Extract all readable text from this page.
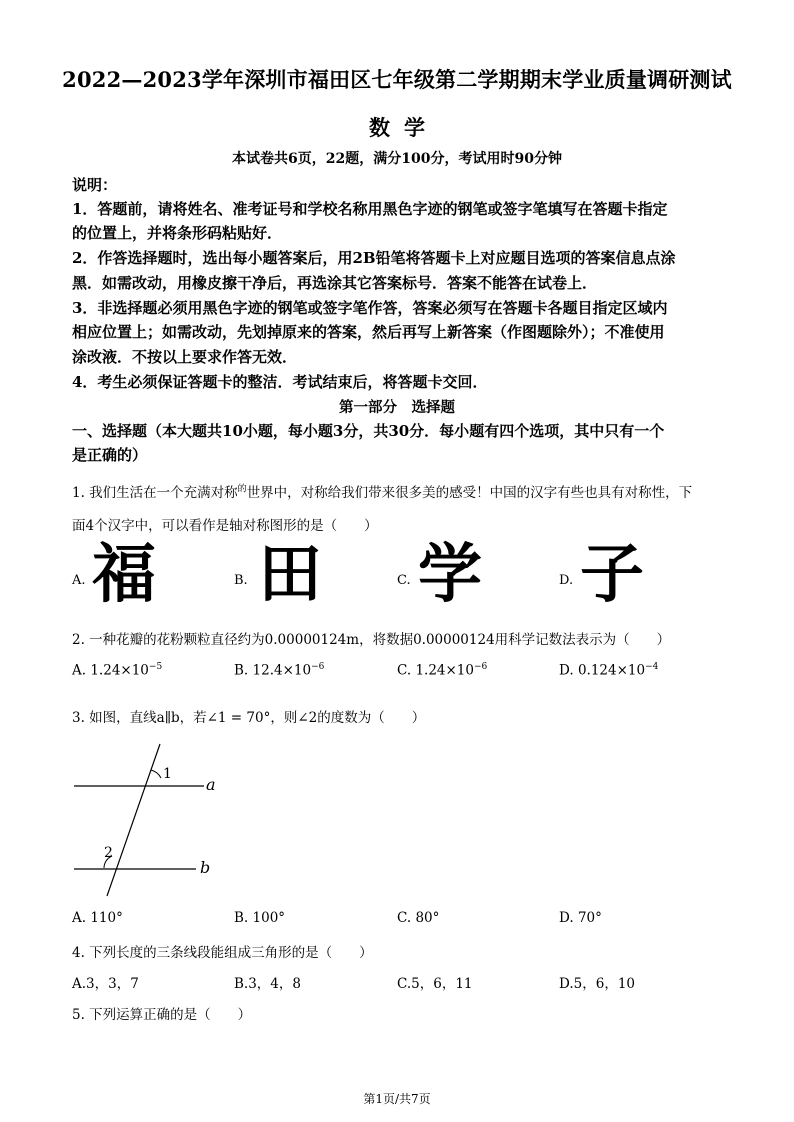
2022—2023学年深圳市福田区七年级第二学期期末学业质量调研测试
数学
本试卷共6页，22题，满分100分，考试用时90分钟
说明：
1．答题前，请将姓名、准考证号和学校名称用黑色字迹的钢笔或签字笔填写在答题卡指定
的位置上，并将条形码粘贴好．
2．作答选择题时，选出每小题答案后，用2B铅笔将答题卡上对应题目选项的答案信息点涂
黑．如需改动，用橡皮擦干净后，再选涂其它答案标号．答案不能答在试卷上．
3．非选择题必须用黑色字迹的钢笔或签字笔作答，答案必须写在答题卡各题目指定区域内
相应位置上；如需改动，先划掉原来的答案，然后再写上新答案（作图题除外）；不准使用
涂改液．不按以上要求作答无效．
4．考生必须保证答题卡的整洁．考试结束后，将答题卡交回．
第一部分　选择题
一、选择题（本大题共10小题，每小题3分，共30分．每小题有四个选项，其中只有一个
是正确的）
1. 我们生活在一个充满对称$^的$世界中，对称给我们带来很多美的感受！中国的汉字有些也具有对称性，下
面4个汉字中，可以看作是轴对称图形的是（　　）
A. 福	B. 田	C. 学	D. 子
2. 一种花瓣的花粉颗粒直径约为0.00000124m，将数据0.00000124用科学记数法表示为（　　）
A. $1.24\times 10^{-5}$	B. $12.4\times 10^{-6}$	C. $1.24\times 10^{-6}$	D. $0.124\times 10^{-4}$
3. 如图，直线a∥b，若∠1 = 70°，则∠2的度数为（　　）
1
2
a
b
A. 110°	B. 100°	C. 80°	D. 70°
4. 下列长度的三条线段能组成三角形的是（　　）
A.3，3，7	B.3，4，8	C.5，6，11	D.5，6，10
5. 下列运算正确的是（　　）
第1页/共7页
